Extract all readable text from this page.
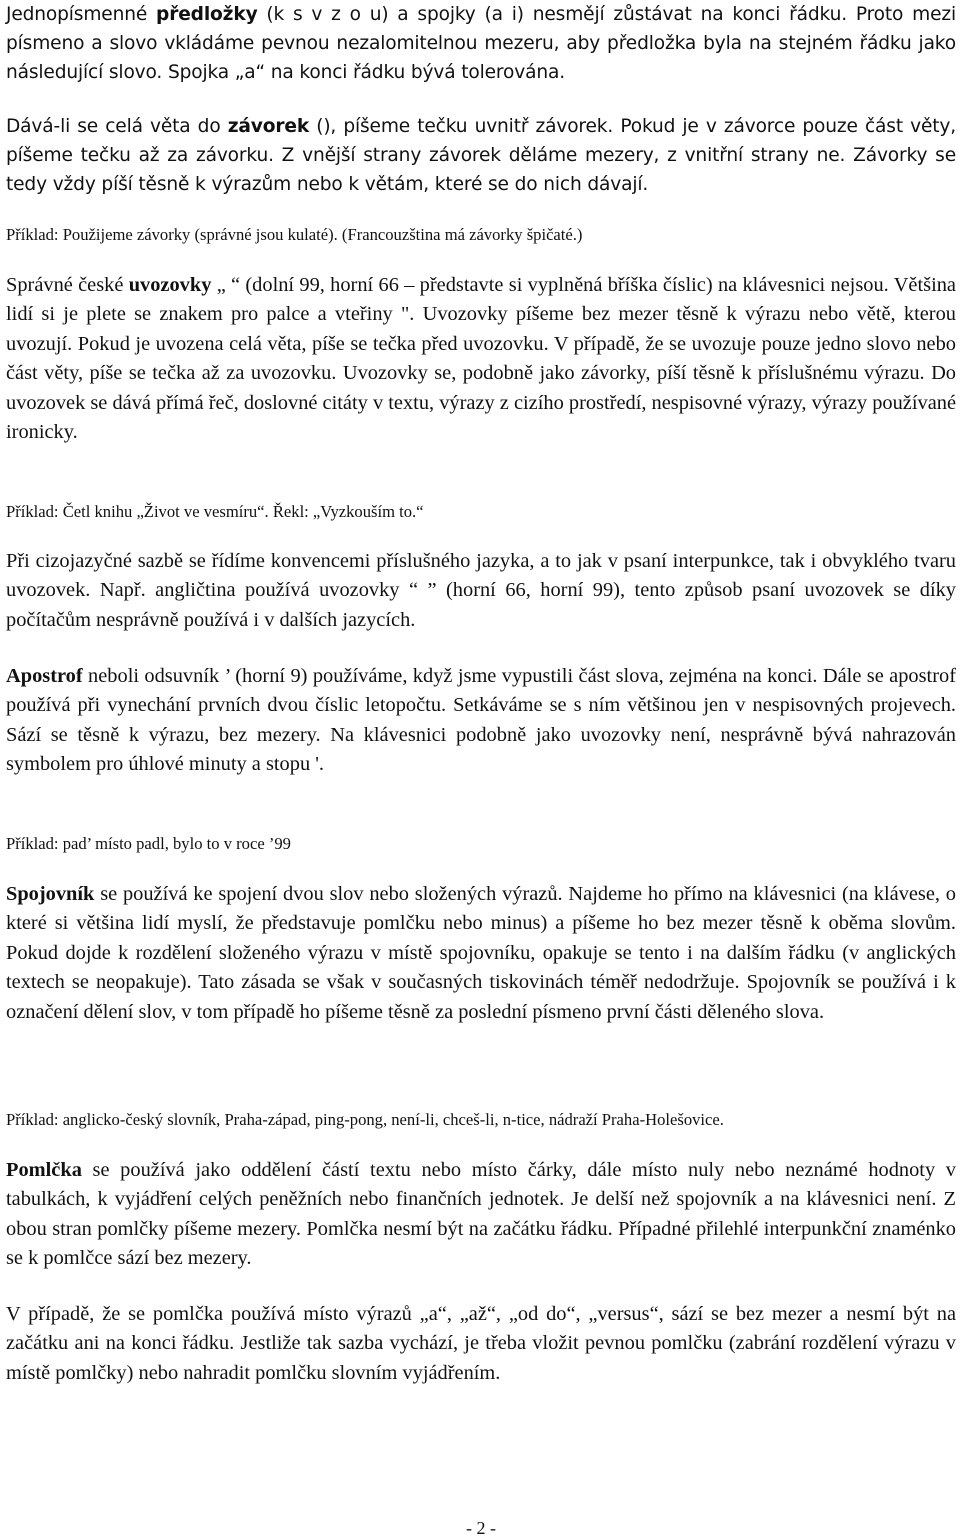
Jednopísmenné předložky (k s v z o u) a spojky (a i) nesmějí zůstávat na konci řádku. Proto mezi písmeno a slovo vkládáme pevnou nezalomitelnou mezeru, aby předložka byla na stejném řádku jako následující slovo. Spojka „a“ na konci řádku bývá tolerována.

Dává-li se celá věta do závorek (), píšeme tečku uvnitř závorek. Pokud je v závorce pouze část věty, píšeme tečku až za závorku. Z vnější strany závorek děláme mezery, z vnitřní strany ne. Závorky se tedy vždy píší těsně k výrazům nebo k větám, které se do nich dávají.

Příklad: Použijeme závorky (správné jsou kulaté). (Francouzština má závorky špičaté.)

Správné české uvozovky „ “ (dolní 99, horní 66 – představte si vyplněná bříška číslic) na klávesnici nejsou. Většina lidí si je plete se znakem pro palce a vteřiny ". Uvozovky píšeme bez mezer těsně k výrazu nebo větě, kterou uvozují. Pokud je uvozena celá věta, píše se tečka před uvozovku. V případě, že se uvozuje pouze jedno slovo nebo část věty, píše se tečka až za uvozovku. Uvozovky se, podobně jako závorky, píší těsně k příslušnému výrazu. Do uvozovek se dává přímá řeč, doslovné citáty v textu, výrazy z cizího prostředí, nespisovné výrazy, výrazy používané ironicky.

Příklad: Četl knihu „Život ve vesmíru“. Řekl: „Vyzkouším to.“

Při cizojazyčné sazbě se řídíme konvencemi příslušného jazyka, a to jak v psaní interpunkce, tak i obvyklého tvaru uvozovek. Např. angličtina používá uvozovky “ ” (horní 66, horní 99), tento způsob psaní uvozovek se díky počítačům nesprávně používá i v dalších jazycích.

Apostrof neboli odsuvník ’ (horní 9) používáme, když jsme vypustili část slova, zejména na konci. Dále se apostrof používá při vynechání prvních dvou číslic letopočtu. Setkáváme se s ním většinou jen v nespisovných projevech. Sází se těsně k výrazu, bez mezery. Na klávesnici podobně jako uvozovky není, nesprávně bývá nahrazován symbolem pro úhlové minuty a stopu '.

Příklad: pad’ místo padl, bylo to v roce ’99

Spojovník se používá ke spojení dvou slov nebo složených výrazů. Najdeme ho přímo na klávesnici (na klávese, o které si většina lidí myslí, že představuje pomlčku nebo minus) a píšeme ho bez mezer těsně k oběma slovům. Pokud dojde k rozdělení složeného výrazu v místě spojovníku, opakuje se tento i na dalším řádku (v anglických textech se neopakuje). Tato zásada se však v současných tiskovinách téměř nedodržuje. Spojovník se používá i k označení dělení slov, v tom případě ho píšeme těsně za poslední písmeno první části děleného slova.

Příklad: anglicko-český slovník, Praha-západ, ping-pong, není-li, chceš-li, n-tice, nádraží Praha-Holešovice.

Pomlčka se používá jako oddělení částí textu nebo místo čárky, dále místo nuly nebo neznámé hodnoty v tabulkách, k vyjádření celých peněžních nebo finančních jednotek. Je delší než spojovník a na klávesnici není. Z obou stran pomlčky píšeme mezery. Pomlčka nesmí být na začátku řádku. Případné přilehlé interpunkční znaménko se k pomlčce sází bez mezery.

V případě, že se pomlčka používá místo výrazů „a“, „až“, „od do“, „versus“, sází se bez mezer a nesmí být na začátku ani na konci řádku. Jestliže tak sazba vychází, je třeba vložit pevnou pomlčku (zabrání rozdělení výrazu v místě pomlčky) nebo nahradit pomlčku slovním vyjádřením.

- 2 -
